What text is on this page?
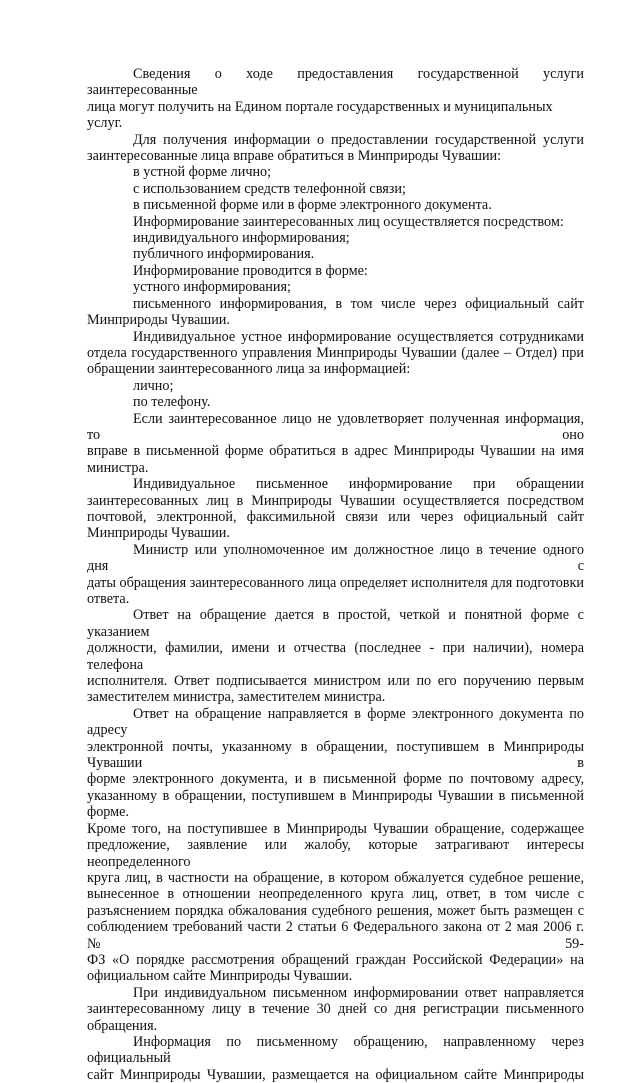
Сведения о ходе предоставления государственной услуги заинтересованные
лица могут получить на Едином портале государственных и муниципальных услуг.
Для получения информации о предоставлении государственной услуги
заинтересованные лица вправе обратиться в Минприроды Чувашии:
в устной форме лично;
с использованием средств телефонной связи;
в письменной форме или в форме электронного документа.
Информирование заинтересованных лиц осуществляется посредством:
индивидуального информирования;
публичного информирования.
Информирование проводится в форме:
устного информирования;
письменного информирования, в том числе через официальный сайт
Минприроды Чувашии.
Индивидуальное устное информирование осуществляется сотрудниками
отдела государственного управления Минприроды Чувашии (далее – Отдел) при
обращении заинтересованного лица за информацией:
лично;
по телефону.
Если заинтересованное лицо не удовлетворяет полученная информация, то оно
вправе в письменной форме обратиться в адрес Минприроды Чувашии на имя
министра.
Индивидуальное письменное информирование при обращении
заинтересованных лиц в Минприроды Чувашии осуществляется посредством
почтовой, электронной, факсимильной связи или через официальный сайт
Минприроды Чувашии.
Министр или уполномоченное им должностное лицо в течение одного дня с
даты обращения заинтересованного лица определяет исполнителя для подготовки
ответа.
Ответ на обращение дается в простой, четкой и понятной форме с указанием
должности, фамилии, имени и отчества (последнее - при наличии), номера телефона
исполнителя. Ответ подписывается министром или по его поручению первым
заместителем министра, заместителем министра.
Ответ на обращение направляется в форме электронного документа по адресу
электронной почты, указанному в обращении, поступившем в Минприроды Чувашии в
форме электронного документа, и в письменной форме по почтовому адресу,
указанному в обращении, поступившем в Минприроды Чувашии в письменной форме.
Кроме того, на поступившее в Минприроды Чувашии обращение, содержащее
предложение, заявление или жалобу, которые затрагивают интересы неопределенного
круга лиц, в частности на обращение, в котором обжалуется судебное решение,
вынесенное в отношении неопределенного круга лиц, ответ, в том числе с
разъяснением порядка обжалования судебного решения, может быть размещен с
соблюдением требований части 2 статьи 6 Федерального закона от 2 мая 2006 г. № 59-
ФЗ «О порядке рассмотрения обращений граждан Российской Федерации» на
официальном сайте Минприроды Чувашии.
При индивидуальном письменном информировании ответ направляется
заинтересованному лицу в течение 30 дней со дня регистрации письменного
обращения.
Информация по письменному обращению, направленному через официальный
сайт Минприроды Чувашии, размещается на официальном сайте Минприроды
